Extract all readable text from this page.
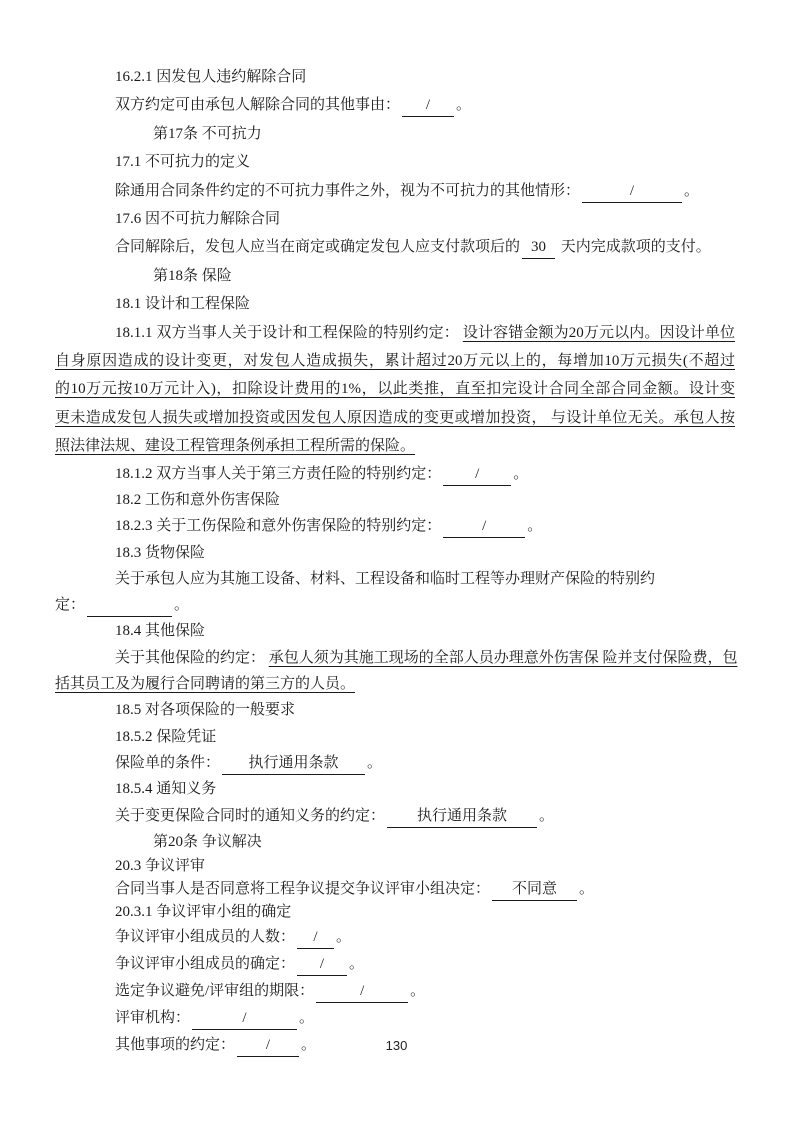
16.2.1 因发包人违约解除合同
双方约定可由承包人解除合同的其他事由： / 。
第17条 不可抗力
17.1 不可抗力的定义
除通用合同条件约定的不可抗力事件之外，视为不可抗力的其他情形：	/	。
17.6 因不可抗力解除合同
合同解除后，发包人应当在商定或确定发包人应支付款项后的 30 天内完成款项的支付。
第18条 保险
18.1 设计和工程保险
18.1.1 双方当事人关于设计和工程保险的特别约定： 设计容错金额为20万元以内。因设计单位
自身原因造成的设计变更，对发包人造成损失，累计超过20万元以上的，每增加10万元损失(不超过
的10万元按10万元计入)，扣除设计费用的1%，以此类推，直至扣完设计合同全部合同金额。设计变
更未造成发包人损失或增加投资或因发包人原因造成的变更或增加投资， 与设计单位无关。承包人按
照法律法规、建设工程管理条例承担工程所需的保险。
18.1.2 双方当事人关于第三方责任险的特别约定： / 。
18.2 工伤和意外伤害保险
18.2.3 关于工伤保险和意外伤害保险的特别约定：	/	。
18.3 货物保险
关于承包人应为其施工设备、材料、工程设备和临时工程等办理财产保险的特别约
定：	。
18.4 其他保险
关于其他保险的约定： 承包人须为其施工现场的全部人员办理意外伤害保 险并支付保险费，包
括其员工及为履行合同聘请的第三方的人员。
18.5 对各项保险的一般要求
18.5.2 保险凭证
保险单的条件： 执行通用条款 。
18.5.4 通知义务
关于变更保险合同时的通知义务的约定： 执行通用条款 。
第20条 争议解决
20.3 争议评审
合同当事人是否同意将工程争议提交争议评审小组决定： 不同意 。
20.3.1 争议评审小组的确定
争议评审小组成员的人数： / 。
争议评审小组成员的确定： / 。
选定争议避免/评审组的期限：	/	。
评审机构：	/	。
其他事项的约定： / 。	130
